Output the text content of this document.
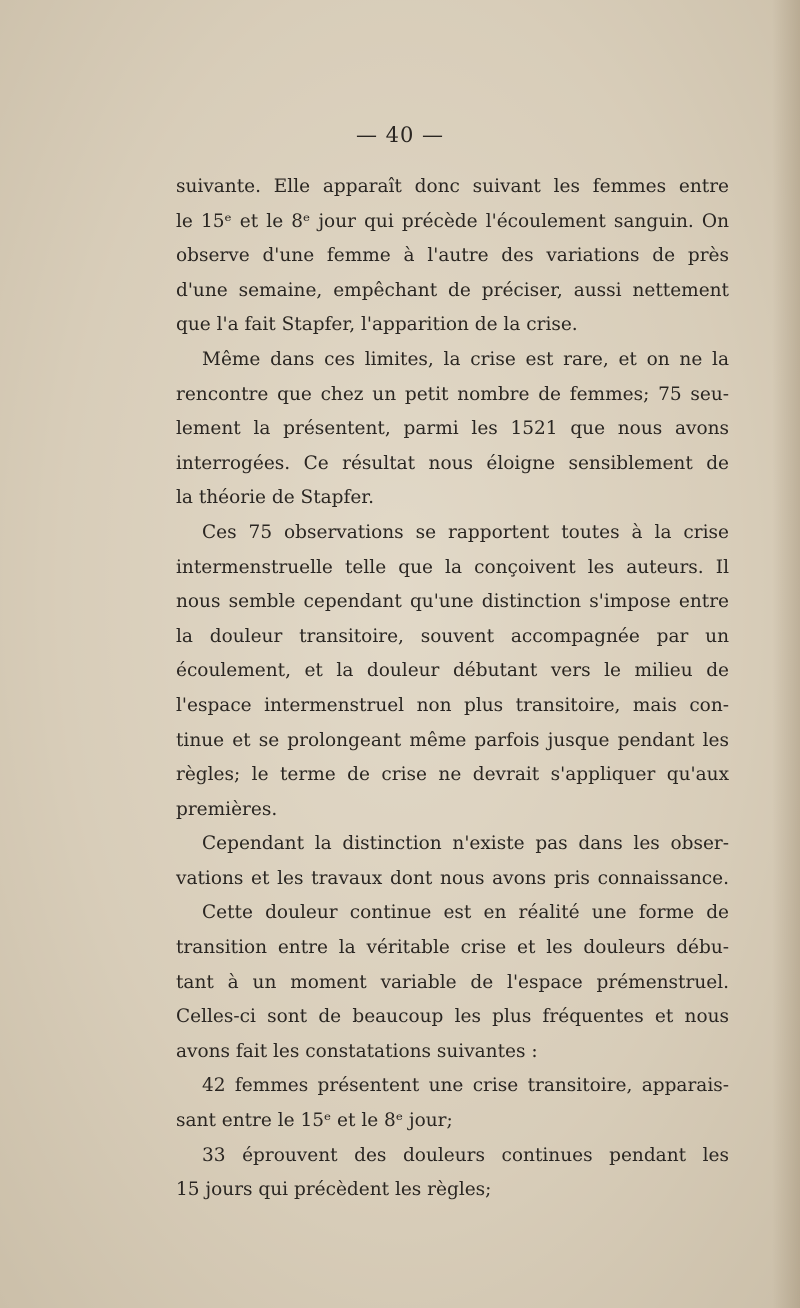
— 40 —
suivante. Elle apparaît donc suivant les femmes entre
le 15ᵉ et le 8ᵉ jour qui précède l'écoulement sanguin. On
observe d'une femme à l'autre des variations de près
d'une semaine, empêchant de préciser, aussi nettement
que l'a fait Stapfer, l'apparition de la crise.
Même dans ces limites, la crise est rare, et on ne la
rencontre que chez un petit nombre de femmes; 75 seu-
lement la présentent, parmi les 1521 que nous avons
interrogées. Ce résultat nous éloigne sensiblement de
la théorie de Stapfer.
Ces 75 observations se rapportent toutes à la crise
intermenstruelle telle que la conçoivent les auteurs. Il
nous semble cependant qu'une distinction s'impose entre
la douleur transitoire, souvent accompagnée par un
écoulement, et la douleur débutant vers le milieu de
l'espace intermenstruel non plus transitoire, mais con-
tinue et se prolongeant même parfois jusque pendant les
règles; le terme de crise ne devrait s'appliquer qu'aux
premières.
Cependant la distinction n'existe pas dans les obser-
vations et les travaux dont nous avons pris connaissance.
Cette douleur continue est en réalité une forme de
transition entre la véritable crise et les douleurs débu-
tant à un moment variable de l'espace prémenstruel.
Celles-ci sont de beaucoup les plus fréquentes et nous
avons fait les constatations suivantes :
42 femmes présentent une crise transitoire, apparais-
sant entre le 15ᵉ et le 8ᵉ jour;
33 éprouvent des douleurs continues pendant les
15 jours qui précèdent les règles;
